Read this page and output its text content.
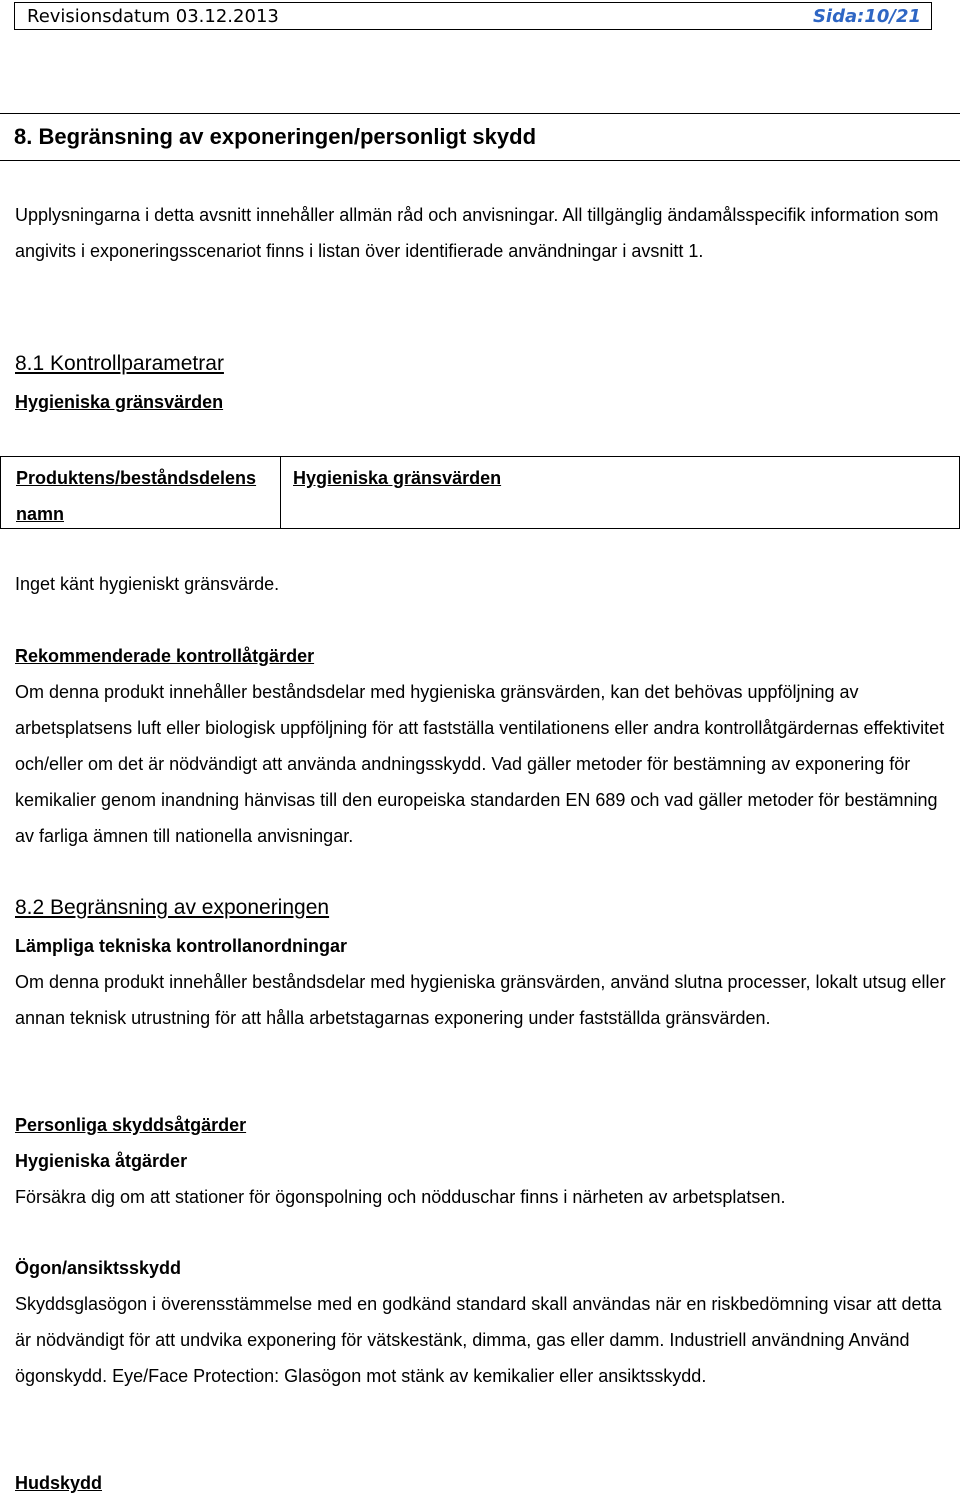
Revisionsdatum 03.12.2013	Sida:10/21
8. Begränsning av exponeringen/personligt skydd
Upplysningarna i detta avsnitt innehåller allmän råd och anvisningar. All tillgänglig ändamålsspecifik information som angivits i exponeringsscenariot finns i listan över identifierade användningar i avsnitt 1.
8.1 Kontrollparametrar
Hygieniska gränsvärden
Produktens/beståndsdelens namn
Hygieniska gränsvärden
Inget känt hygieniskt gränsvärde.
Rekommenderade kontrollåtgärder
Om denna produkt innehåller beståndsdelar med hygieniska gränsvärden, kan det behövas uppföljning av arbetsplatsens luft eller biologisk uppföljning för att fastställa ventilationens eller andra kontrollåtgärdernas effektivitet och/eller om det är nödvändigt att använda andningsskydd. Vad gäller metoder för bestämning av exponering för kemikalier genom inandning hänvisas till den europeiska standarden EN 689 och vad gäller metoder för bestämning av farliga ämnen till nationella anvisningar.
8.2 Begränsning av exponeringen
Lämpliga tekniska kontrollanordningar
Om denna produkt innehåller beståndsdelar med hygieniska gränsvärden, använd slutna processer, lokalt utsug eller annan teknisk utrustning för att hålla arbetstagarnas exponering under fastställda gränsvärden.
Personliga skyddsåtgärder
Hygieniska åtgärder
Försäkra dig om att stationer för ögonspolning och nödduschar finns i närheten av arbetsplatsen.
Ögon/ansiktsskydd
Skyddsglasögon i överensstämmelse med en godkänd standard skall användas när en riskbedömning visar att detta är nödvändigt för att undvika exponering för vätskestänk, dimma, gas eller damm. Industriell användning Använd ögonskydd. Eye/Face Protection: Glasögon mot stänk av kemikalier eller ansiktsskydd.
Hudskydd
